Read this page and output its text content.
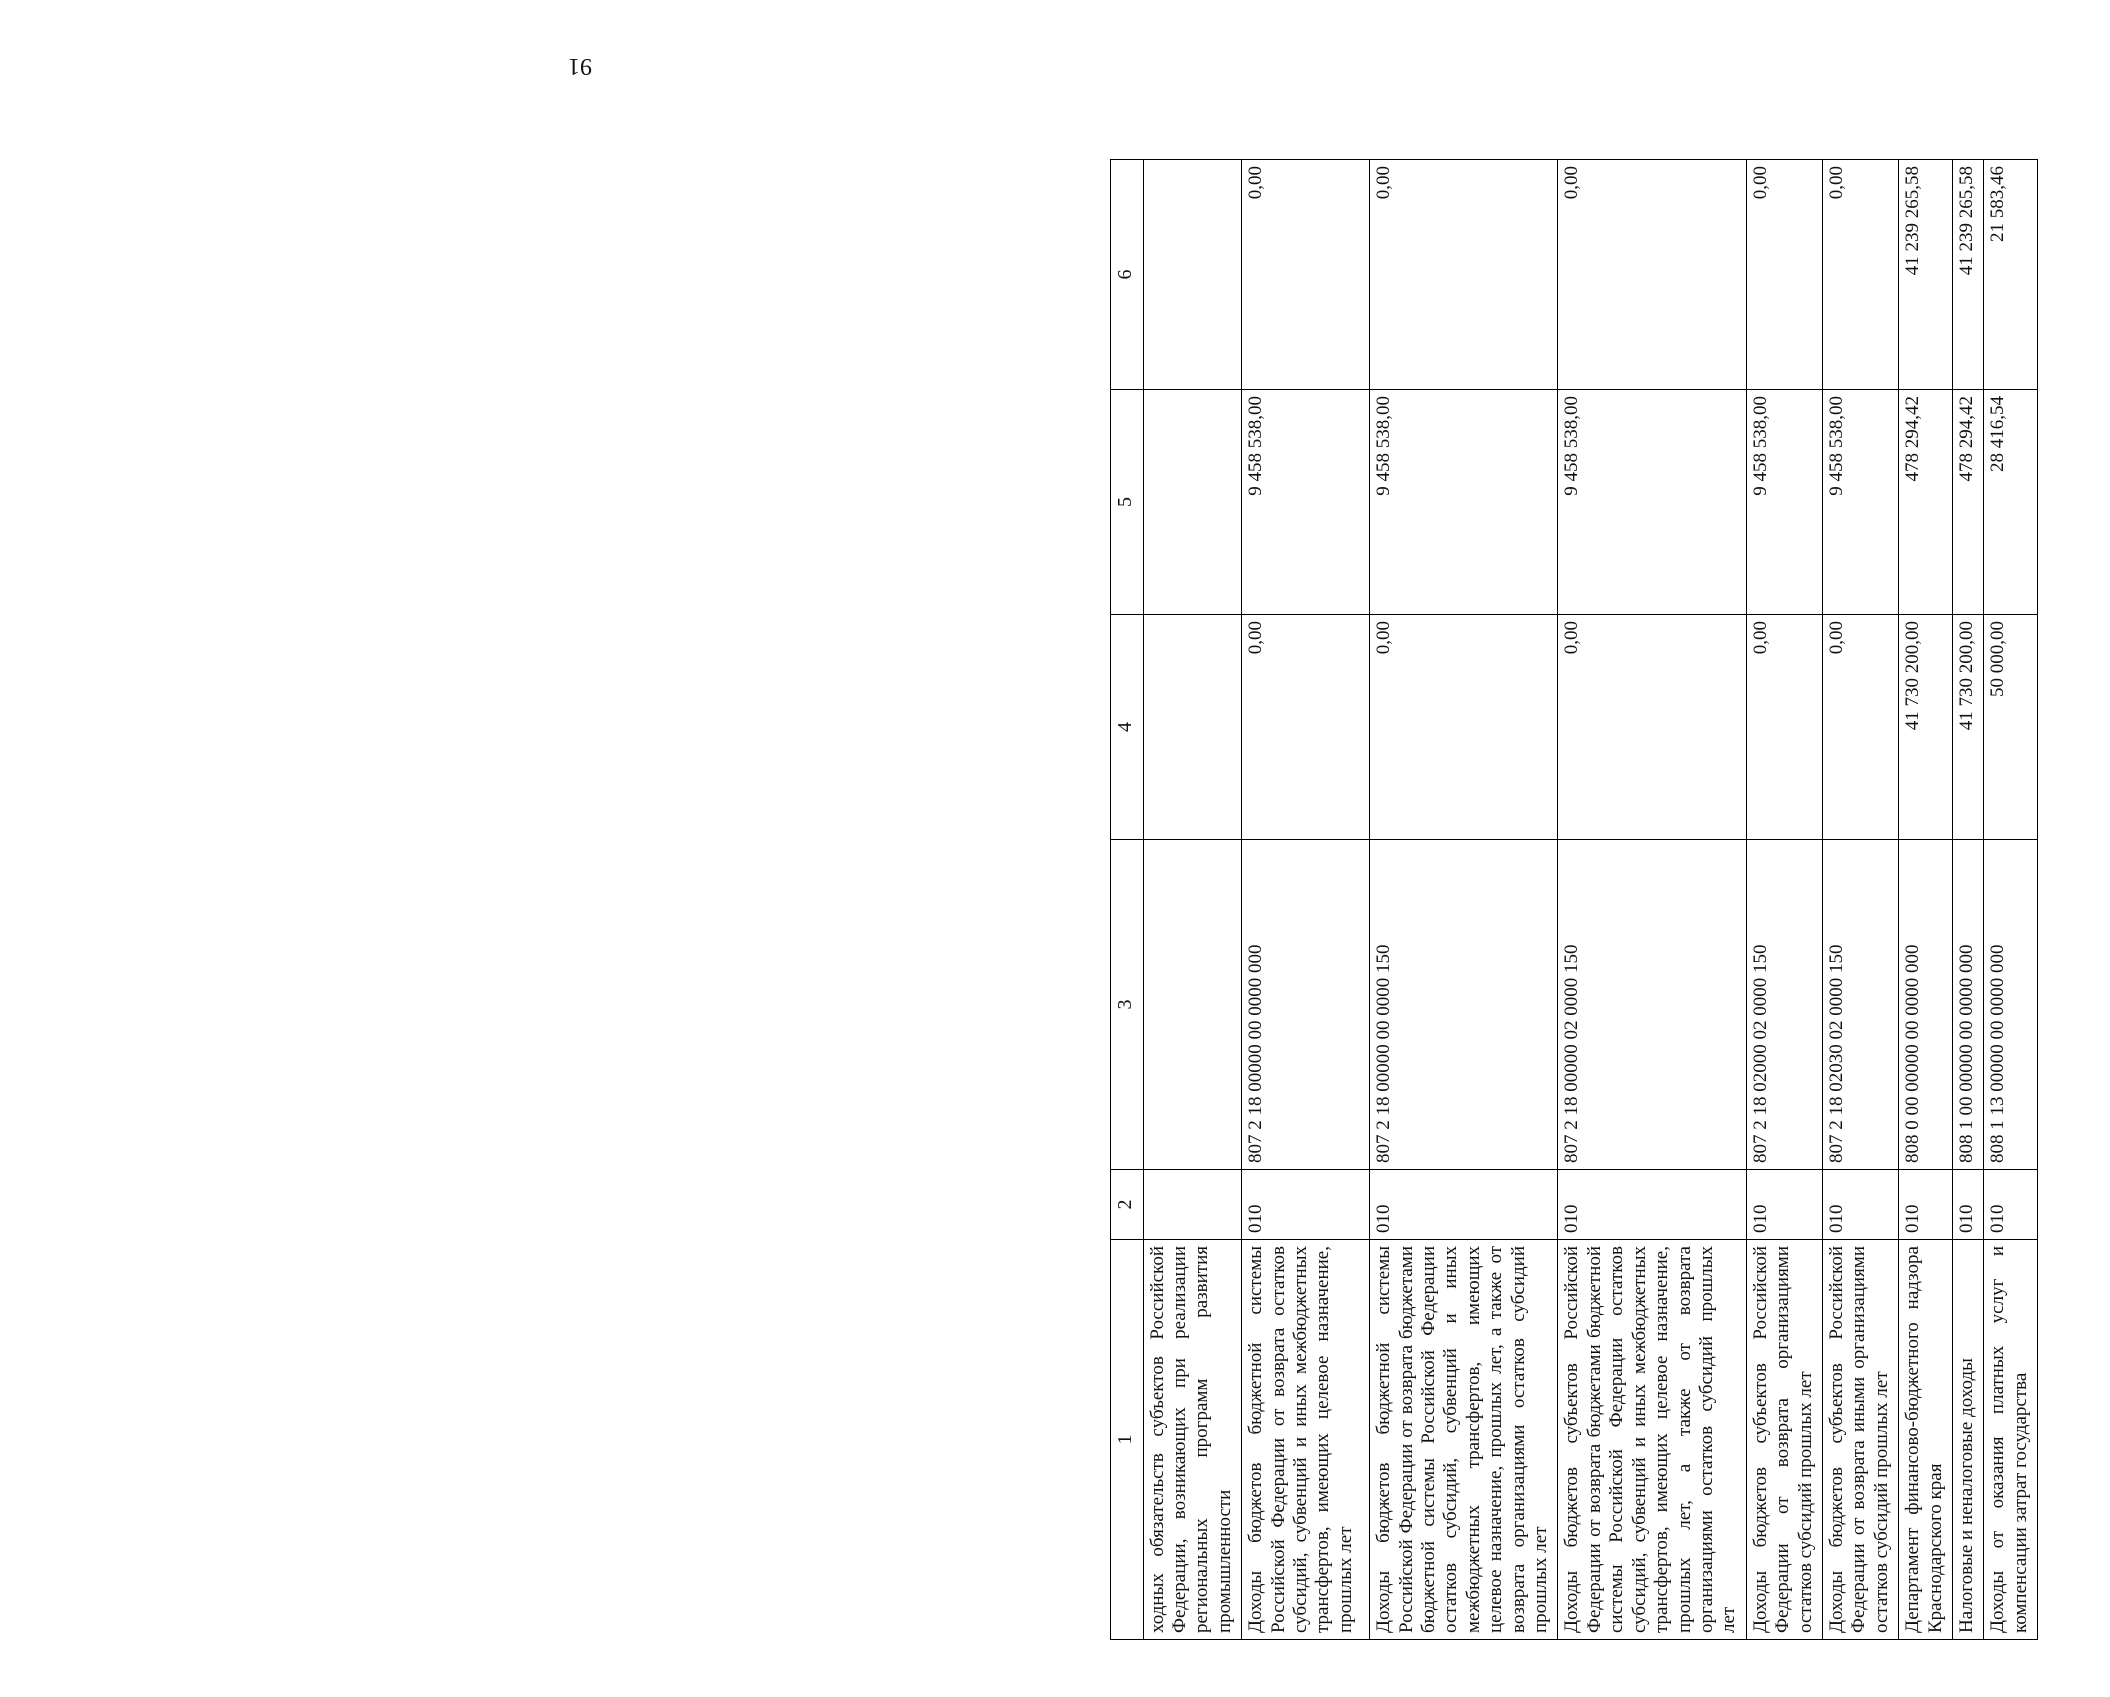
91
1	2	3	4	5	6
ходных обязательств субъектов Российской Федерации, возникающих при реализации региональных программ развития промышленности					
Доходы бюджетов бюджетной системы Российской Федерации от возврата остатков субсидий, субвенций и иных межбюджетных трансфертов, имеющих целевое назначение, прошлых лет	010	807 2 18 00000 00 0000 000	0,00	9 458 538,00	0,00
Доходы бюджетов бюджетной системы Российской Федерации от возврата бюджетами бюджетной системы Российской Федерации остатков субсидий, субвенций и иных межбюджетных трансфертов, имеющих целевое назначение, прошлых лет, а также от возврата организациями остатков субсидий прошлых лет	010	807 2 18 00000 00 0000 150	0,00	9 458 538,00	0,00
Доходы бюджетов субъектов Российской Федерации от возврата бюджетами бюджетной системы Российской Федерации остатков субсидий, субвенций и иных межбюджетных трансфертов, имеющих целевое назначение, прошлых лет, а также от возврата организациями остатков субсидий прошлых лет	010	807 2 18 00000 02 0000 150	0,00	9 458 538,00	0,00
Доходы бюджетов субъектов Российской Федерации от возврата организациями остатков субсидий прошлых лет	010	807 2 18 02000 02 0000 150	0,00	9 458 538,00	0,00
Доходы бюджетов субъектов Российской Федерации от возврата иными организациями остатков субсидий прошлых лет	010	807 2 18 02030 02 0000 150	0,00	9 458 538,00	0,00
Департамент финансово-бюджетного надзора Краснодарского края	010	808 0 00 00000 00 0000 000	41 730 200,00	478 294,42	41 239 265,58
Налоговые и неналоговые доходы	010	808 1 00 00000 00 0000 000	41 730 200,00	478 294,42	41 239 265,58
Доходы от оказания платных услуг и компенсации затрат государства	010	808 1 13 00000 00 0000 000	50 000,00	28 416,54	21 583,46
